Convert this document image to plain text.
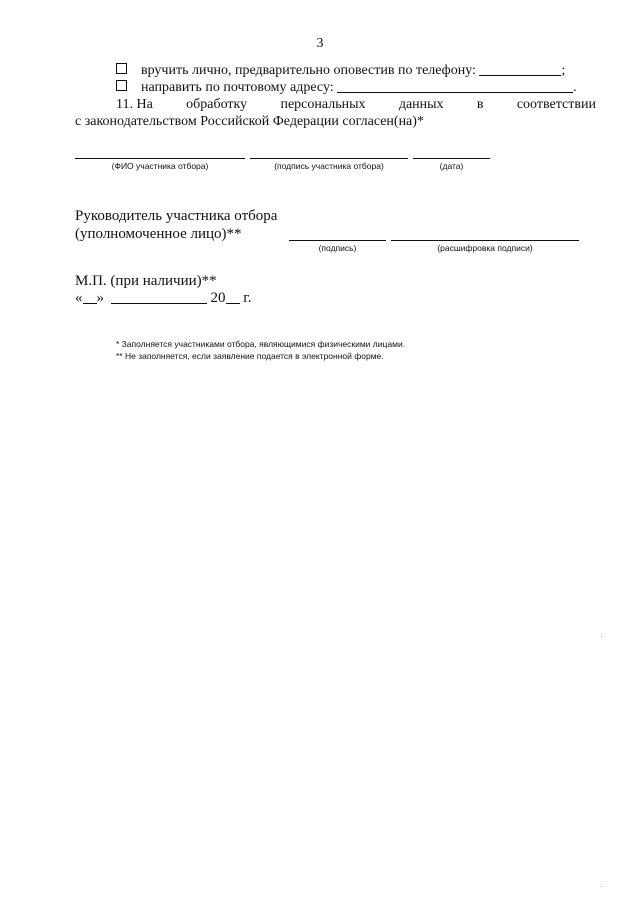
3
вручить лично, предварительно оповестив по телефону:	;
направить по почтовому адресу:	.
11. На обработку персональных данных в соответствии
с законодательством Российской Федерации согласен(на)*
(ФИО участника отбора)	(подпись участника отбора)	(дата)
Руководитель участника отбора
(уполномоченное лицо)**
(подпись)	(расшифровка подписи)
М.П. (при наличии)**
« »	20 г.
* Заполняется участниками отбора, являющимися физическими лицами.
** Не заполняется, если заявление подается в электронной форме.
